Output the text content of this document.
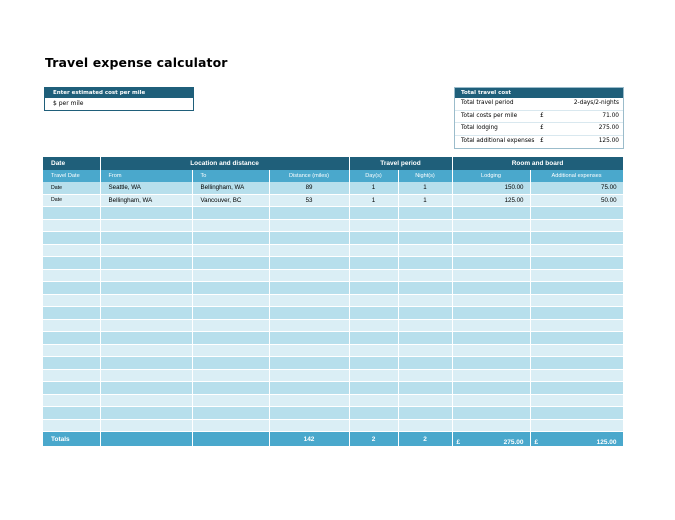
Travel expense calculator
Enter estimated cost per mile
$ per mile
Total travel cost
Total travel period	2-days/2-nights
Total costs per mile	£	71.00
Total lodging	£	275.00
Total additional expenses £	125.00
Date	Location and distance			Travel period		Room and board	
Travel Date	From	To	Distance (miles)	Day(s)	Night(s)	Lodging	Additional expenses
Date	Seattle, WA	Bellingham, WA	89	1	1	150.00	75.00
Date	Bellingham, WA	Vancouver, BC	53	1	1	125.00	50.00

Totals			142	2	2	£ 275.00	£ 125.00
